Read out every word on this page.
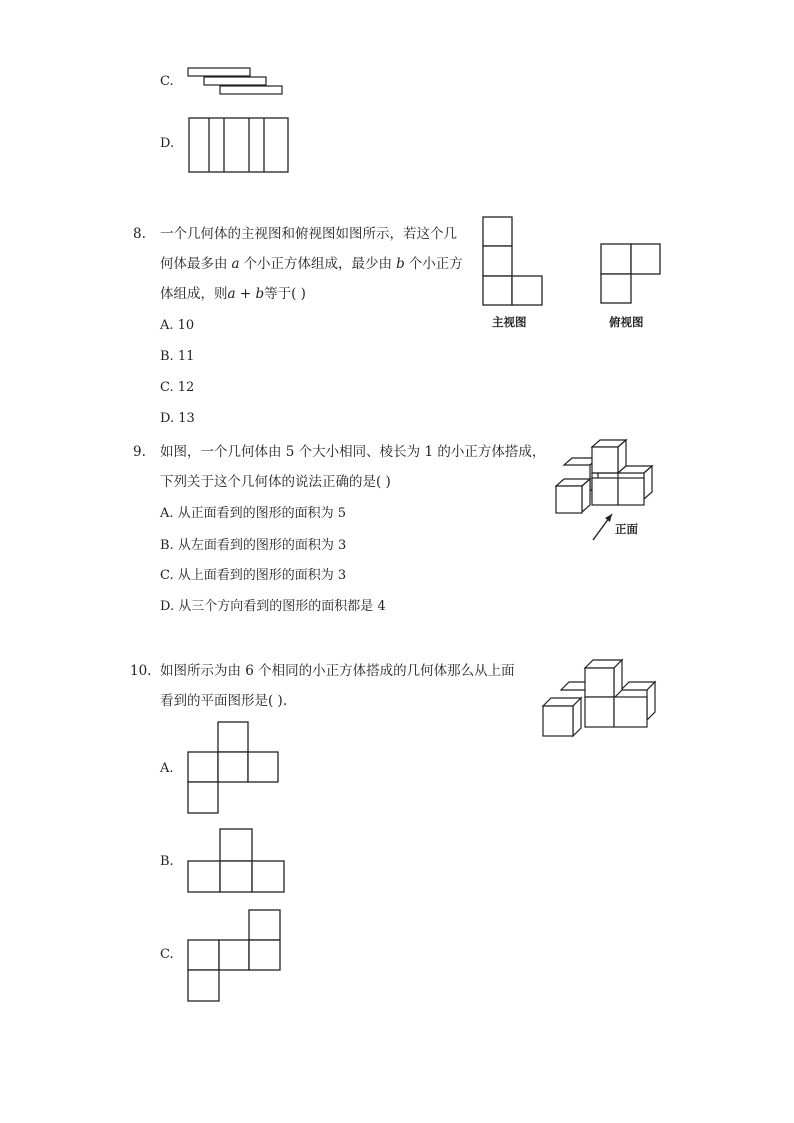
C.
D.
8. 一个几何体的主视图和俯视图如图所示，若这个几
何体最多由 a 个小正方体组成，最少由 b 个小正方
体组成，则a + b等于( )
A. 10
B. 11
C. 12
D. 13
主视图	俯视图
9. 如图，一个几何体由 5 个大小相同、棱长为 1 的小正方体搭成，
下列关于这个几何体的说法正确的是( )
A. 从正面看到的图形的面积为 5
B. 从左面看到的图形的面积为 3
C. 从上面看到的图形的面积为 3
D. 从三个方向看到的图形的面积都是 4
正面
10. 如图所示为由 6 个相同的小正方体搭成的几何体那么从上面
看到的平面图形是( ).
A.
B.
C.
